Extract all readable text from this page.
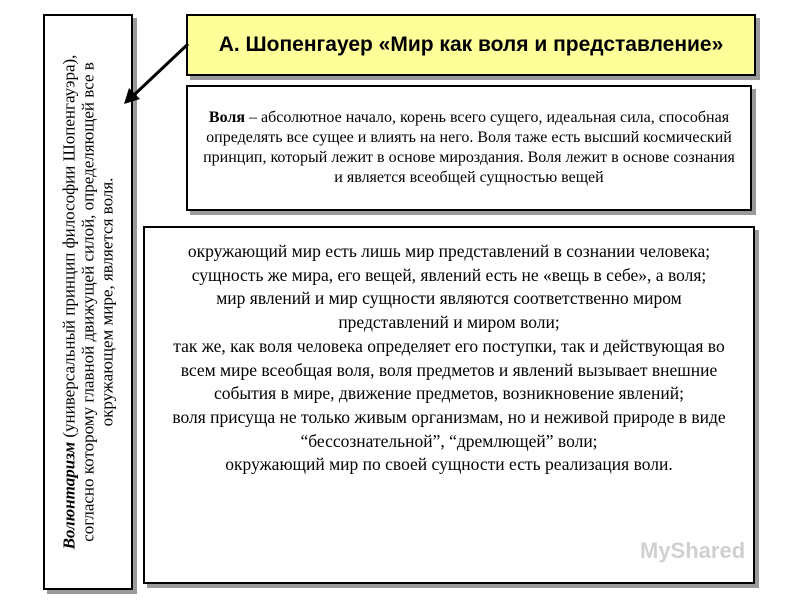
Волюнтаризм (универсальный принцип философии Шопенгауэра), согласно которому главной движущей силой, определяющей все в окружающем мире, является воля.
А. Шопенгауер «Мир как воля и представление»

Воля – абсолютное начало, корень всего сущего, идеальная сила, способная определять все сущее и влиять на него. Воля таже есть высший космический принцип, который лежит в основе мироздания. Воля лежит в основе сознания и является всеобщей сущностью вещей

окружающий мир есть лишь мир представлений в сознании человека;

сущность же мира, его вещей, явлений есть не «вещь в себе», а воля;

мир явлений и мир сущности являются соответственно миром представлений и миром воли;

так же, как воля человека определяет его поступки, так и действующая во всем мире всеобщая воля, воля предметов и явлений вызывает внешние события в мире, движение предметов, возникновение явлений;

воля присуща не только живым организмам, но и неживой природе в виде “бессознательной”, “дремлющей” воли;

окружающий мир по своей сущности есть реализация воли.

MyShared
